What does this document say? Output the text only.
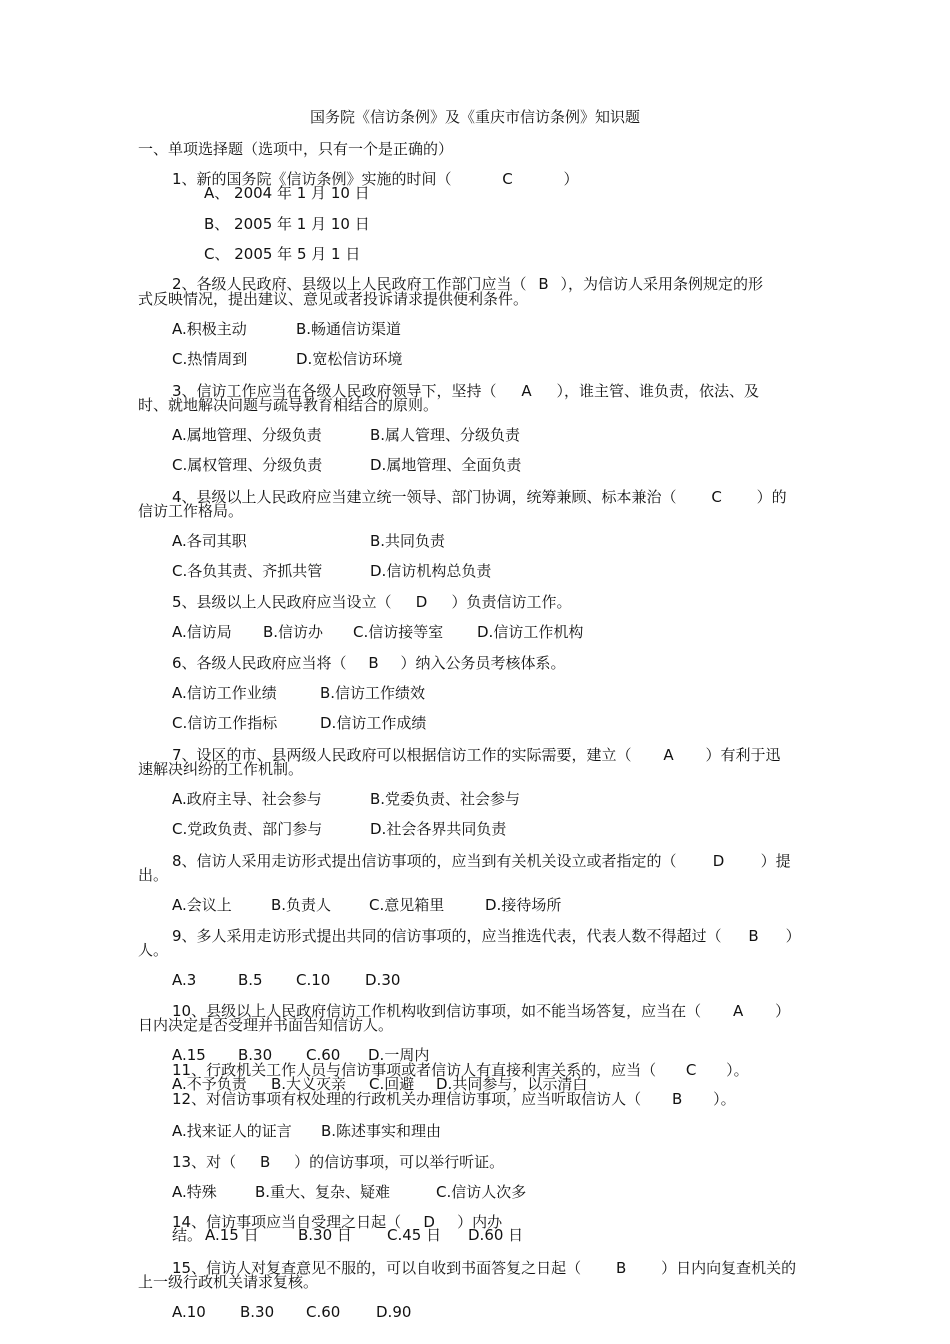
国务院《信访条例》及《重庆市信访条例》知识题
一、单项选择题（选项中，只有一个是正确的）
1、新的国务院《信访条例》实施的时间（	C	）
A、 2004 年 1 月 10 日
B、 2005 年 1 月 10 日
C、 2005 年 5 月 1 日
2、各级人民政府、县级以上人民政府工作部门应当（ B ），为信访人采用条例规定的形
式反映情况，提出建议、意见或者投诉请求提供便利条件。
A.积极主动	B.畅通信访渠道
C.热情周到	D.宽松信访环境
3、信访工作应当在各级人民政府领导下，坚持（ A ），谁主管、谁负责，依法、及
时、就地解决问题与疏导教育相结合的原则。
A.属地管理、分级负责	B.属人管理、分级负责
C.属权管理、分级负责	D.属地管理、全面负责
4、县级以上人民政府应当建立统一领导、部门协调，统筹兼顾、标本兼治（ C ）的
信访工作格局。
A.各司其职	B.共同负责
C.各负其责、齐抓共管	D.信访机构总负责
5、县级以上人民政府应当设立（ D ）负责信访工作。
A.信访局 B.信访办 C.信访接等室 D.信访工作机构
6、各级人民政府应当将（ B ）纳入公务员考核体系。
A.信访工作业绩	B.信访工作绩效
C.信访工作指标	D.信访工作成绩
7、设区的市、县两级人民政府可以根据信访工作的实际需要，建立（ A ）有利于迅
速解决纠纷的工作机制。
A.政府主导、社会参与	B.党委负责、社会参与
C.党政负责、部门参与	D.社会各界共同负责
8、信访人采用走访形式提出信访事项的，应当到有关机关设立或者指定的（ D ）提
出。
A.会议上	B.负责人	C.意见箱里	D.接待场所
9、多人采用走访形式提出共同的信访事项的，应当推选代表，代表人数不得超过（ B ）
人。
A.3	B.5 C.10 D.30
10、县级以上人民政府信访工作机构收到信访事项，如不能当场答复，应当在（ A ）
日内决定是否受理并书面告知信访人。
A.15 B.30 C.60 D.一周内
11、行政机关工作人员与信访事项或者信访人有直接利害关系的，应当（ C ）。
A.不予负责 B.大义灭亲 C.回避 D.共同参与，以示清白
12、对信访事项有权处理的行政机关办理信访事项，应当听取信访人（ B ）。
A.找来证人的证言 B.陈述事实和理由
13、对（ B ）的信访事项，可以举行听证。
A.特殊	B.重大、复杂、疑难	C.信访人次多
14、信访事项应当自受理之日起（ D ）内办
结。 A.15 日	B.30 日 C.45 日 D.60 日
15、信访人对复查意见不服的，可以自收到书面答复之日起（ B ）日内向复查机关的
上一级行政机关请求复核。
A.10 B.30 C.60 D.90
